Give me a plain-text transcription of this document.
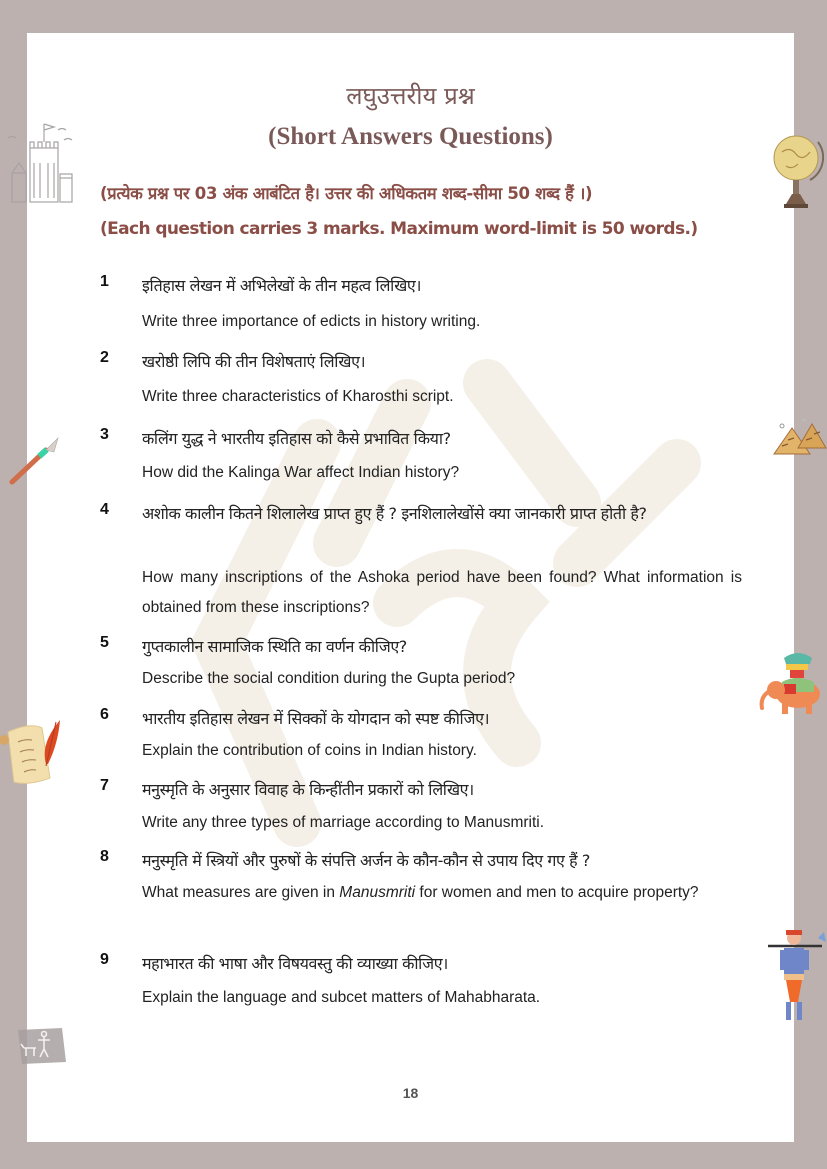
लघुउत्तरीय प्रश्न
(Short Answers Questions)
(प्रत्येक प्रश्न पर 03 अंक आबंटित है। उत्तर की अधिकतम शब्द-सीमा 50 शब्द हैं ।)
(Each question carries 3 marks. Maximum word-limit is 50 words.)
1 इतिहास लेखन में अभिलेखों के तीन महत्व लिखिए।
Write three importance of edicts in history writing.
2 खरोष्ठी लिपि की तीन विशेषताएं लिखिए।
Write three characteristics of Kharosthi script.
3 कलिंग युद्ध ने भारतीय इतिहास को कैसे प्रभावित किया?
How did the Kalinga War affect Indian history?
4 अशोक कालीन कितने शिलालेख प्राप्त हुए हैं ? इनशिलालेखोंसे क्या जानकारी प्राप्त होती है?
How many inscriptions of the Ashoka period have been found? What information is obtained from these inscriptions?
5 गुप्तकालीन सामाजिक स्थिति का वर्णन कीजिए?
Describe the social condition during the Gupta period?
6 भारतीय इतिहास लेखन में सिक्कों के योगदान को स्पष्ट कीजिए।
Explain the contribution of coins in Indian history.
7 मनुस्मृति के अनुसार विवाह के किन्हींतीन प्रकारों को लिखिए।
Write any three types of marriage according to Manusmriti.
8 मनुस्मृति में स्त्रियों और पुरुषों के संपत्ति अर्जन के कौन-कौन से उपाय दिए गए हैं ?
What measures are given in Manusmriti for women and men to acquire property?
9 महाभारत की भाषा और विषयवस्तु की व्याख्या कीजिए।
Explain the language and subcet matters of Mahabharata.
18
